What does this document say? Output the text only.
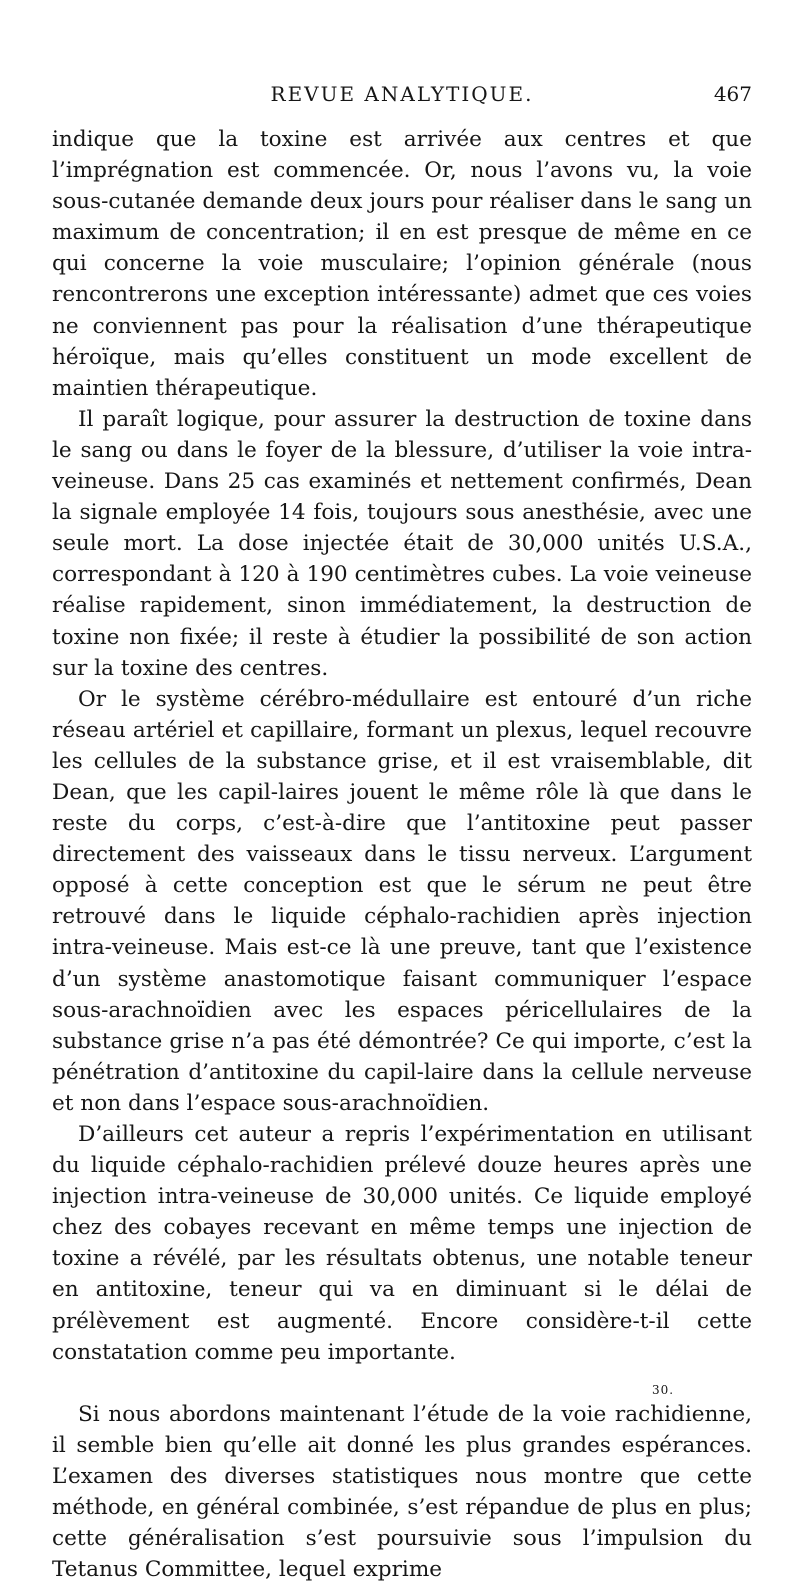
REVUE ANALYTIQUE.	467

indique que la toxine est arrivée aux centres et que l’imprégnation est commencée. Or, nous l’avons vu, la voie sous-cutanée demande deux jours pour réaliser dans le sang un maximum de concentration; il en est presque de même en ce qui concerne la voie musculaire; l’opinion générale (nous rencontrerons une exception intéressante) admet que ces voies ne conviennent pas pour la réalisation d’une thérapeutique héroïque, mais qu’elles constituent un mode excellent de maintien thérapeutique.

Il paraît logique, pour assurer la destruction de toxine dans le sang ou dans le foyer de la blessure, d’utiliser la voie intra-veineuse. Dans 25 cas examinés et nettement confirmés, Dean la signale employée 14 fois, toujours sous anesthésie, avec une seule mort. La dose injectée était de 30,000 unités U.S.A., correspondant à 120 à 190 centimètres cubes. La voie veineuse réalise rapidement, sinon immédiatement, la destruction de toxine non fixée; il reste à étudier la possibilité de son action sur la toxine des centres.

Or le système cérébro-médullaire est entouré d’un riche réseau artériel et capillaire, formant un plexus, lequel recouvre les cellules de la substance grise, et il est vraisemblable, dit Dean, que les capil-laires jouent le même rôle là que dans le reste du corps, c’est-à-dire que l’antitoxine peut passer directement des vaisseaux dans le tissu nerveux. L’argument opposé à cette conception est que le sérum ne peut être retrouvé dans le liquide céphalo-rachidien après injection intra-veineuse. Mais est-ce là une preuve, tant que l’existence d’un système anastomotique faisant communiquer l’espace sous-arachnoïdien avec les espaces péricellulaires de la substance grise n’a pas été démontrée? Ce qui importe, c’est la pénétration d’antitoxine du capil-laire dans la cellule nerveuse et non dans l’espace sous-arachnoïdien.

D’ailleurs cet auteur a repris l’expérimentation en utilisant du liquide céphalo-rachidien prélevé douze heures après une injection intra-veineuse de 30,000 unités. Ce liquide employé chez des cobayes recevant en même temps une injection de toxine a révélé, par les résultats obtenus, une notable teneur en antitoxine, teneur qui va en diminuant si le délai de prélèvement est augmenté. Encore considère-t-il cette constatation comme peu importante.

Si nous abordons maintenant l’étude de la voie rachidienne, il semble bien qu’elle ait donné les plus grandes espérances. L’examen des diverses statistiques nous montre que cette méthode, en général combinée, s’est répandue de plus en plus; cette généralisation s’est poursuivie sous l’impulsion du Tetanus Committee, lequel exprime

30.
